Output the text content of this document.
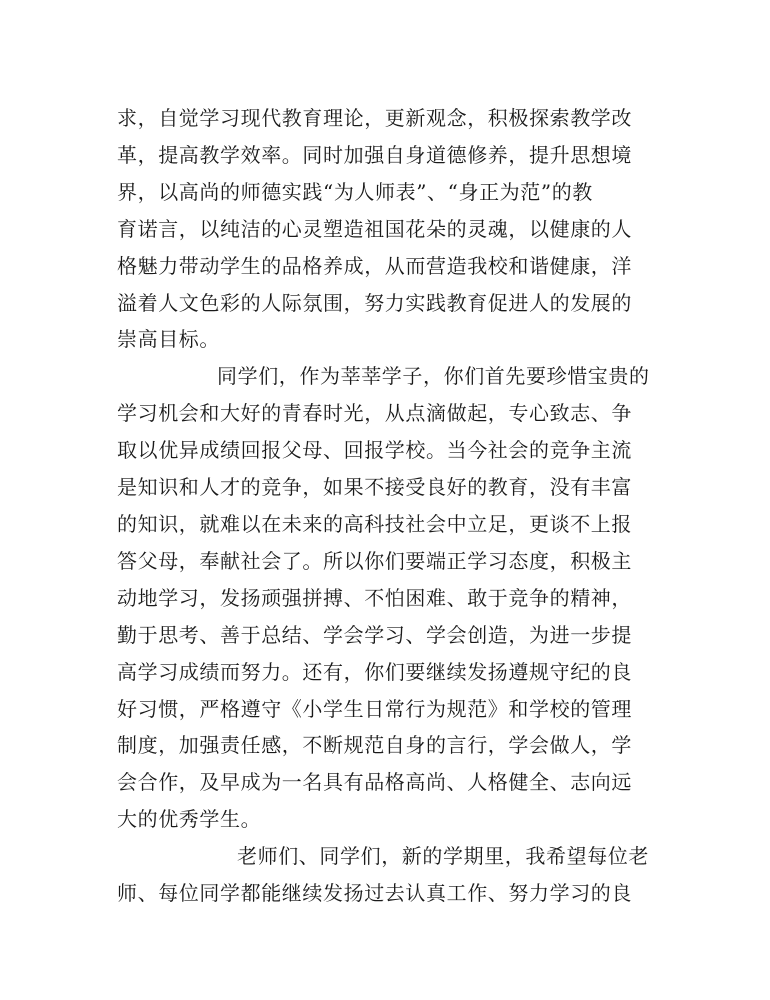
求，自觉学习现代教育理论，更新观念，积极探索教学改
革，提高教学效率。同时加强自身道德修养，提升思想境
界，以高尚的师德实践“为人师表”、“身正为范”的教
育诺言，以纯洁的心灵塑造祖国花朵的灵魂，以健康的人
格魅力带动学生的品格养成，从而营造我校和谐健康，洋
溢着人文色彩的人际氛围，努力实践教育促进人的发展的
崇高目标。

同学们，作为莘莘学子，你们首先要珍惜宝贵的
学习机会和大好的青春时光，从点滴做起，专心致志、争
取以优异成绩回报父母、回报学校。当今社会的竞争主流
是知识和人才的竞争，如果不接受良好的教育，没有丰富
的知识，就难以在未来的高科技社会中立足，更谈不上报
答父母，奉献社会了。所以你们要端正学习态度，积极主
动地学习，发扬顽强拼搏、不怕困难、敢于竞争的精神，
勤于思考、善于总结、学会学习、学会创造，为进一步提
高学习成绩而努力。还有，你们要继续发扬遵规守纪的良
好习惯，严格遵守《小学生日常行为规范》和学校的管理
制度，加强责任感，不断规范自身的言行，学会做人，学
会合作，及早成为一名具有品格高尚、人格健全、志向远
大的优秀学生。

老师们、同学们，新的学期里，我希望每位老
师、每位同学都能继续发扬过去认真工作、努力学习的良
